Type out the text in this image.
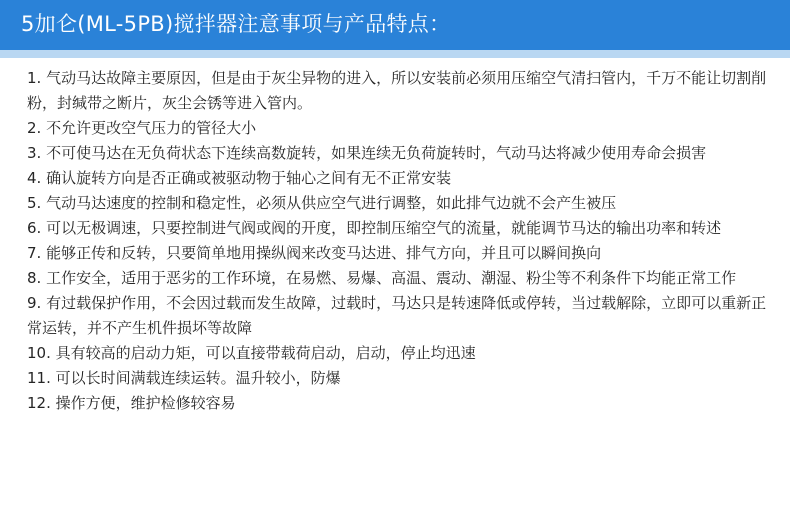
5加仑(ML-5PB)搅拌器注意事项与产品特点：

1. 气动马达故障主要原因，但是由于灰尘异物的进入，所以安装前必须用压缩空气清扫管内，千万不能让切割削粉，封缄带之断片，灰尘会锈等进入管内。

2. 不允许更改空气压力的管径大小

3. 不可使马达在无负荷状态下连续高数旋转，如果连续无负荷旋转时，气动马达将减少使用寿命会损害

4. 确认旋转方向是否正确或被驱动物于轴心之间有无不正常安装

5. 气动马达速度的控制和稳定性，必须从供应空气进行调整，如此排气边就不会产生被压

6. 可以无极调速，只要控制进气阀或阀的开度，即控制压缩空气的流量，就能调节马达的输出功率和转述

7. 能够正传和反转，只要简单地用操纵阀来改变马达进、排气方向，并且可以瞬间换向

8. 工作安全，适用于恶劣的工作环境，在易燃、易爆、高温、震动、潮湿、粉尘等不利条件下均能正常工作

9. 有过载保护作用，不会因过载而发生故障，过载时，马达只是转速降低或停转，当过载解除，立即可以重新正常运转，并不产生机件损坏等故障

10. 具有较高的启动力矩，可以直接带载荷启动，启动，停止均迅速

11. 可以长时间满载连续运转。温升较小，防爆

12. 操作方便，维护检修较容易
